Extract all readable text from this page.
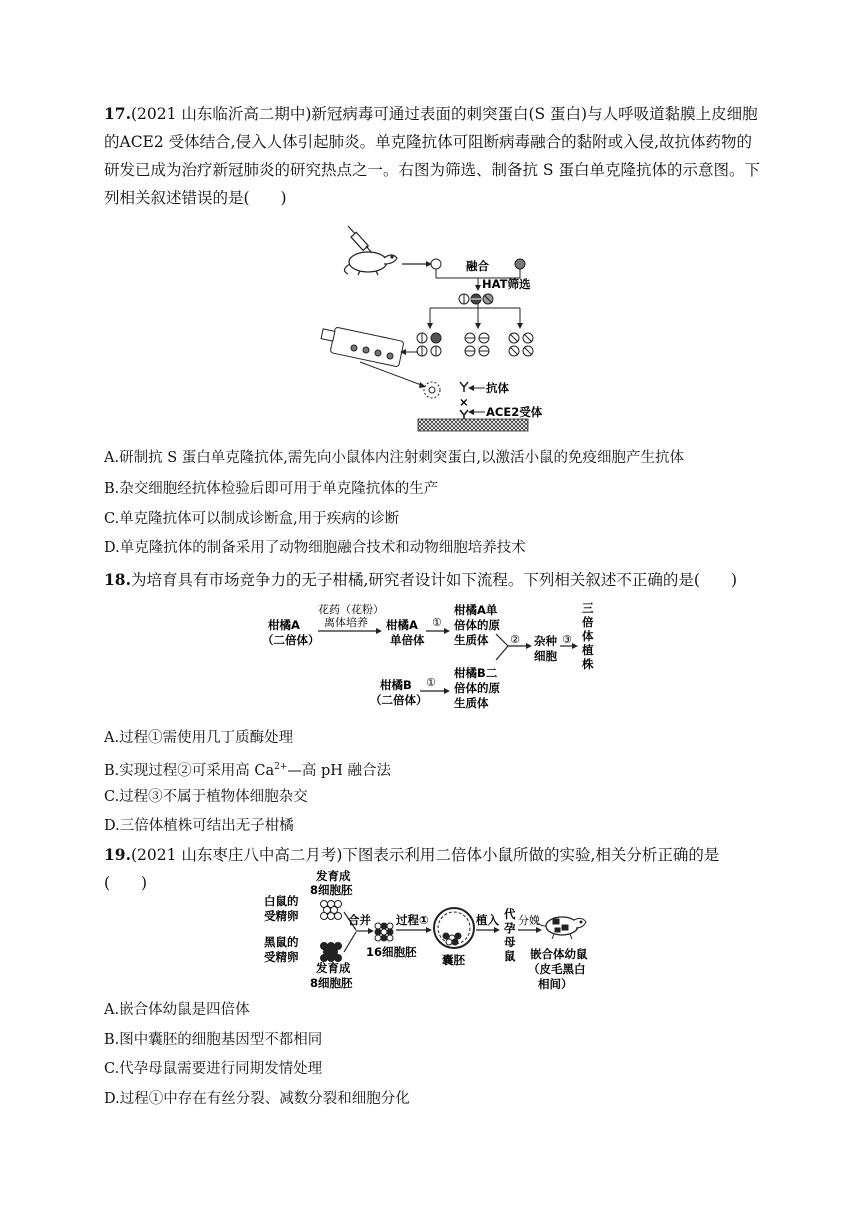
17.(2021 山东临沂高二期中)新冠病毒可通过表面的刺突蛋白(S 蛋白)与人呼吸道黏膜上皮细胞的ACE2 受体结合,侵入人体引起肺炎。单克隆抗体可阻断病毒融合的黏附或入侵,故抗体药物的研发已成为治疗新冠肺炎的研究热点之一。右图为筛选、制备抗 S 蛋白单克隆抗体的示意图。下列相关叙述错误的是(　　)

融合
HAT筛选
抗体
×
ACE2受体
A.研制抗 S 蛋白单克隆抗体,需先向小鼠体内注射刺突蛋白,以激活小鼠的免疫细胞产生抗体
B.杂交细胞经抗体检验后即可用于单克隆抗体的生产
C.单克隆抗体可以制成诊断盒,用于疾病的诊断
D.单克隆抗体的制备采用了动物细胞融合技术和动物细胞培养技术

18.为培育具有市场竞争力的无子柑橘,研究者设计如下流程。下列相关叙述不正确的是(　　)

柑橘A
（二倍体）
花药（花粉）
离体培养 柑橘A
单倍体
①
柑橘A单
倍体的原
生质体 ② 杂种
细胞
③
三
倍
体
植
株
柑橘B
（二倍体）
①
柑橘B二
倍体的原
生质体
A.过程①需使用几丁质酶处理
B.实现过程②可采用高 $Ca^{2+}—$高 pH 融合法
C.过程③不属于植物体细胞杂交
D.三倍体植株可结出无子柑橘

19.(2021 山东枣庄八中高二月考)下图表示利用二倍体小鼠所做的实验,相关分析正确的是　(　　)	发育成
8细胞胚
白鼠的
受精卵
黑鼠的
受精卵
发育成
8细胞胚
合并
16细胞胚
过程①
囊胚
植入 代
孕
母
鼠
分娩
嵌合体幼鼠
（皮毛黑白
相间）
A.嵌合体幼鼠是四倍体
B.图中囊胚的细胞基因型不都相同
C.代孕母鼠需要进行同期发情处理
D.过程①中存在有丝分裂、减数分裂和细胞分化
